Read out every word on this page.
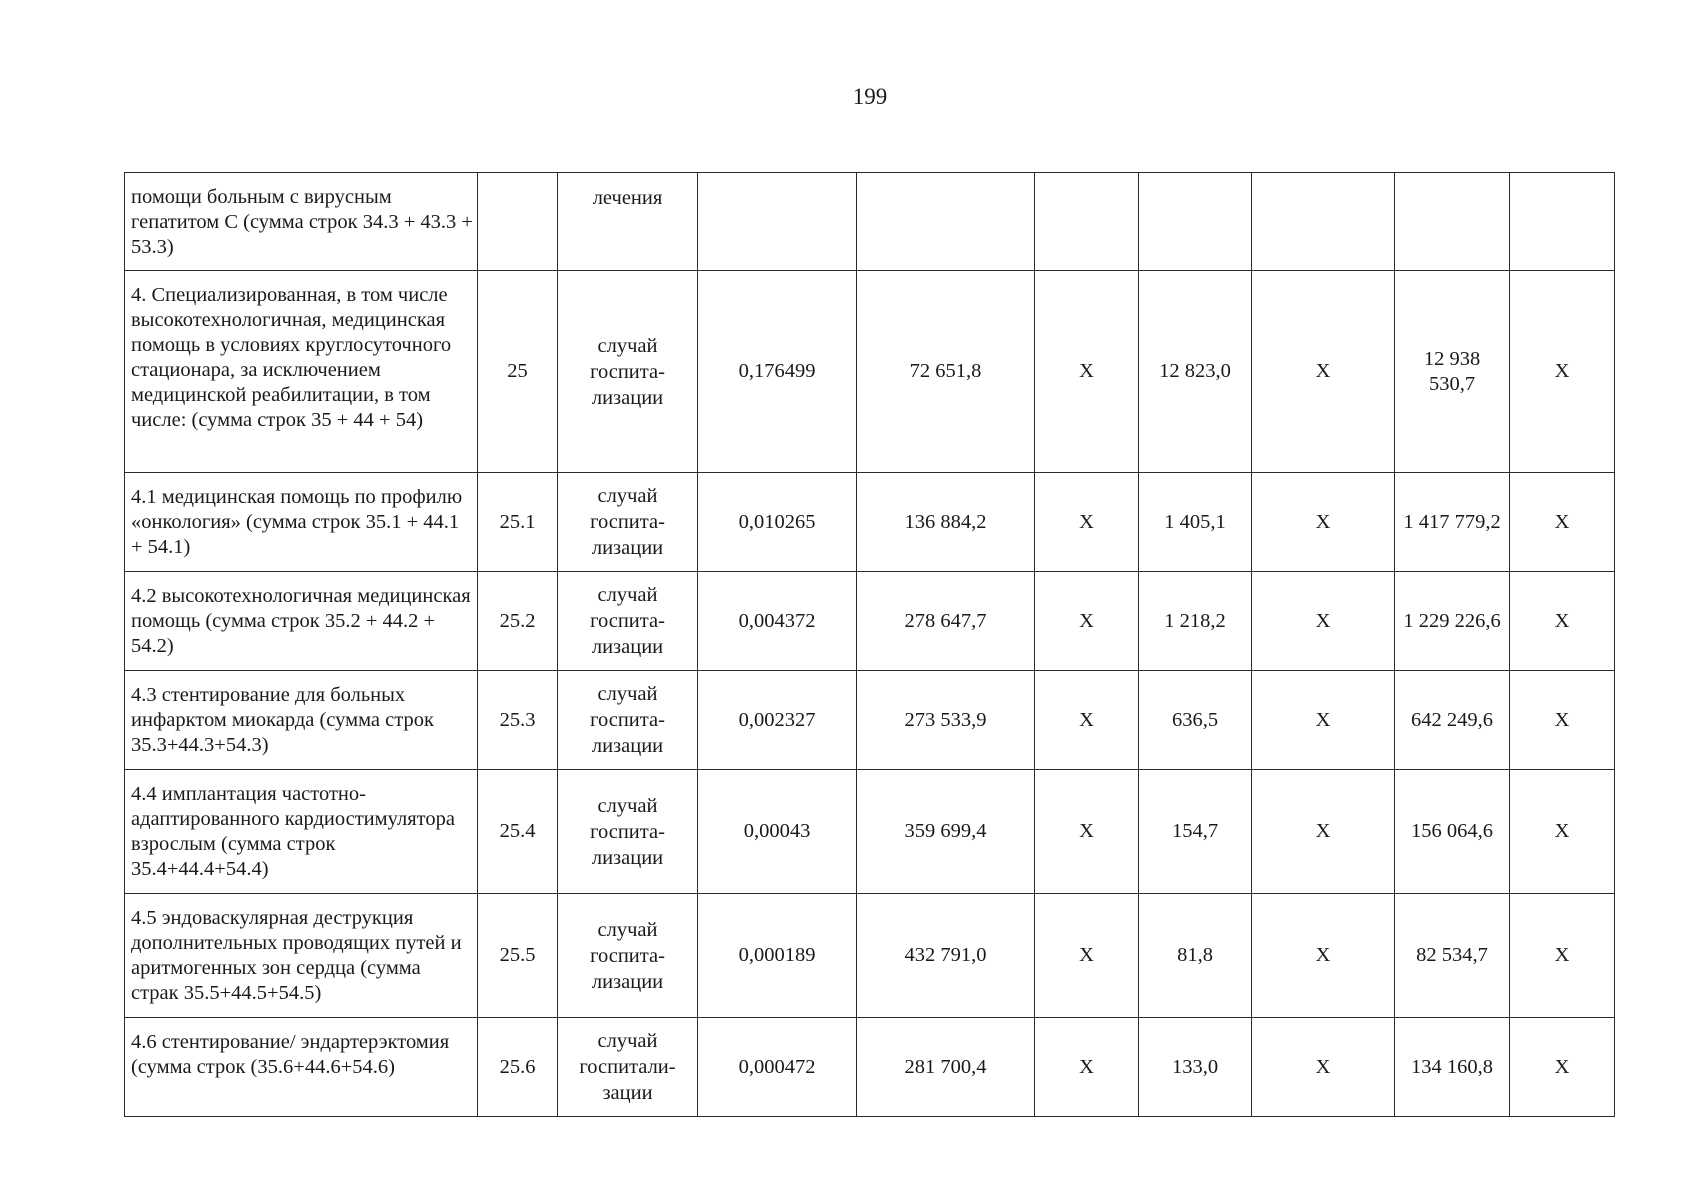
199
помощи больным с вирусным гепатитом С (сумма строк 34.3 + 43.3 + 53.3)		лечения							
4. Специализированная, в том числе высокотехнологичная, медицинская помощь в условиях круглосуточного стационара, за исключением медицинской реабилитации, в том числе: (сумма строк 35 + 44 + 54)	25	случай госпита-лизации	0,176499	72 651,8	X	12 823,0	X	12 938 530,7	X
4.1 медицинская помощь по профилю «онкология» (сумма строк 35.1 + 44.1 + 54.1)	25.1	случай госпита-лизации	0,010265	136 884,2	X	1 405,1	X	1 417 779,2	X
4.2 высокотехнологичная медицинская помощь (сумма строк 35.2 + 44.2 + 54.2)	25.2	случай госпита-лизации	0,004372	278 647,7	X	1 218,2	X	1 229 226,6	X
4.3 стентирование для больных инфарктом миокарда (сумма строк 35.3+44.3+54.3)	25.3	случай госпита-лизации	0,002327	273 533,9	X	636,5	X	642 249,6	X
4.4 имплантация частотно-адаптированного кардиостимулятора взрослым (сумма строк 35.4+44.4+54.4)	25.4	случай госпита-лизации	0,00043	359 699,4	X	154,7	X	156 064,6	X
4.5 эндоваскулярная деструкция дополнительных проводящих путей и аритмогенных зон сердца (сумма страк 35.5+44.5+54.5)	25.5	случай госпита-лизации	0,000189	432 791,0	X	81,8	X	82 534,7	X
4.6 стентирование/ эндартерэктомия (сумма строк (35.6+44.6+54.6)	25.6	случай госпитали-зации	0,000472	281 700,4	X	133,0	X	134 160,8	X
